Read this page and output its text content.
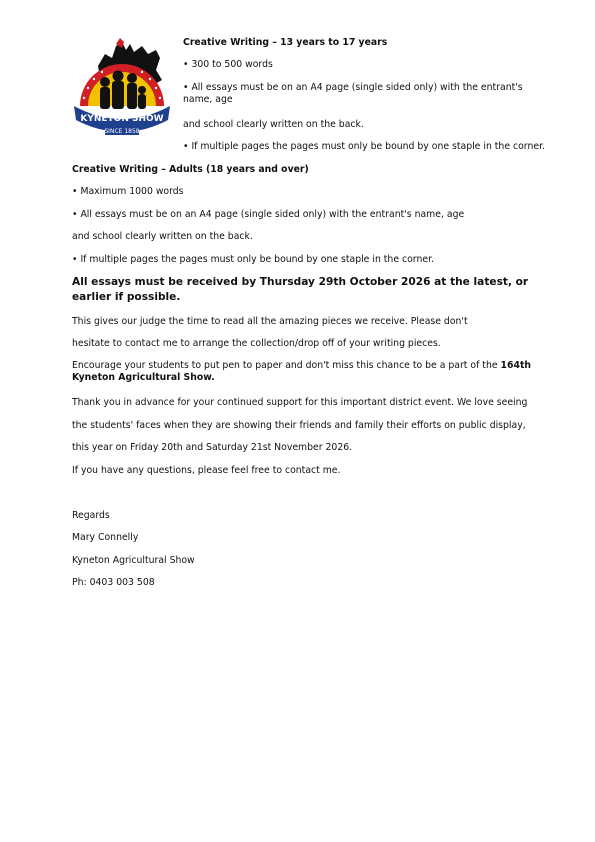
KYNETON SHOW
SINCE 1858
Creative Writing – 13 years to 17 years
• 300 to 500 words
• All essays must be on an A4 page (single sided only) with the entrant's name, age
and school clearly written on the back.
• If multiple pages the pages must only be bound by one staple in the corner.
Creative Writing – Adults (18 years and over)
• Maximum 1000 words
• All essays must be on an A4 page (single sided only) with the entrant's name, age
and school clearly written on the back.
• If multiple pages the pages must only be bound by one staple in the corner.
All essays must be received by Thursday 29th October 2026 at the latest, or earlier if possible.
This gives our judge the time to read all the amazing pieces we receive. Please don't
hesitate to contact me to arrange the collection/drop off of your writing pieces.
Encourage your students to put pen to paper and don't miss this chance to be a part of the 164th Kyneton Agricultural Show.
Thank you in advance for your continued support for this important district event. We love seeing
the students' faces when they are showing their friends and family their efforts on public display,
this year on Friday 20th and Saturday 21st November 2026.
If you have any questions, please feel free to contact me.
Regards
Mary Connelly
Kyneton Agricultural Show
Ph: 0403 003 508
